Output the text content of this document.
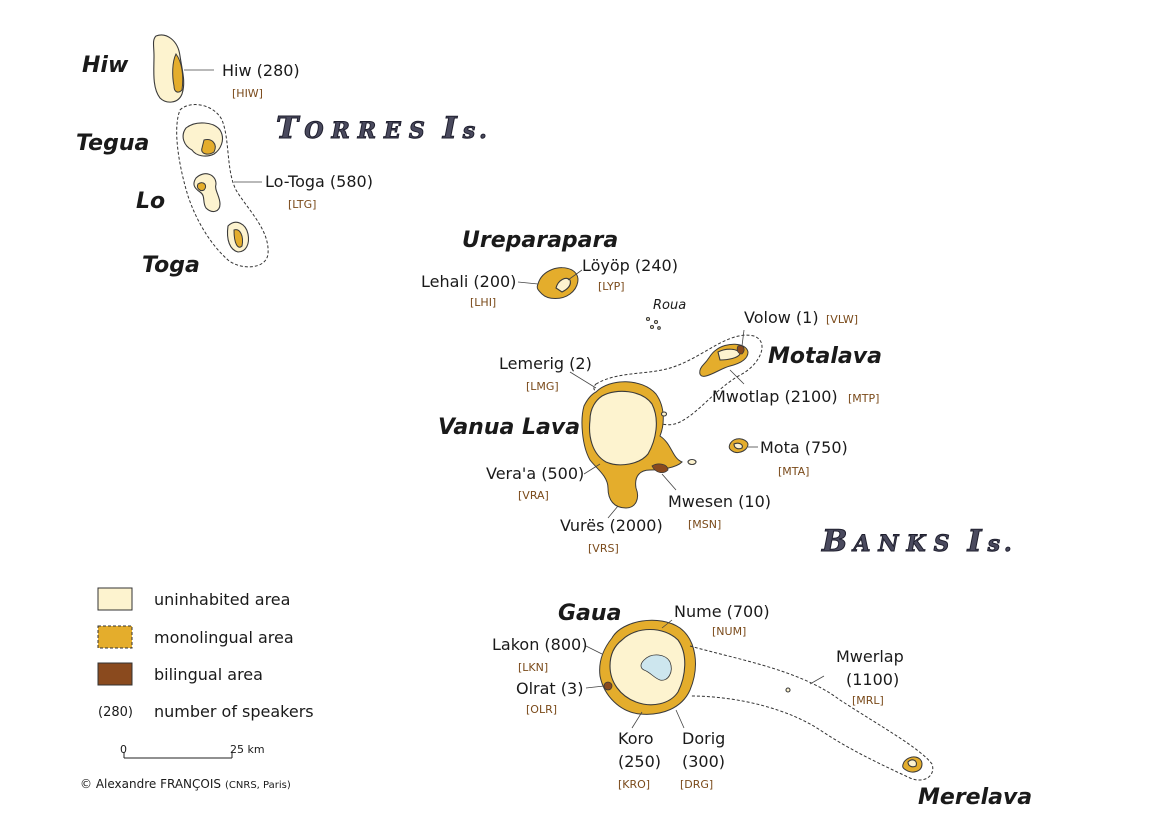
T ORRES I s.
B ANKS I s.
Hiw
Tegua
Lo
Toga
Ureparapara
Roua
Motalava
Vanua Lava
Gaua
Merelava
Hiw (280)
[HIW]
Lo-Toga (580)
[LTG]
Lehali (200)
[LHI]
Löyöp (240)
[LYP]
Volow (1) [VLW]
Lemerig (2)
[LMG]
Mwotlap (2100) [MTP]
Mota (750)
[MTA]
Vera'a (500)
[VRA]	Mwesen (10)
[MSN]
Vurës (2000)
[VRS]
Nume (700)
[NUM]
Lakon (800)
[LKN]
Olrat (3)
[OLR]
Koro
(250)
[KRO]
Dorig
(300)
[DRG]
Mwerlap
(1100)
[MRL]
uninhabited area
monolingual area
bilingual area
(280) number of speakers
0	25 km
© Alexandre FRANÇOIS (CNRS, Paris)
